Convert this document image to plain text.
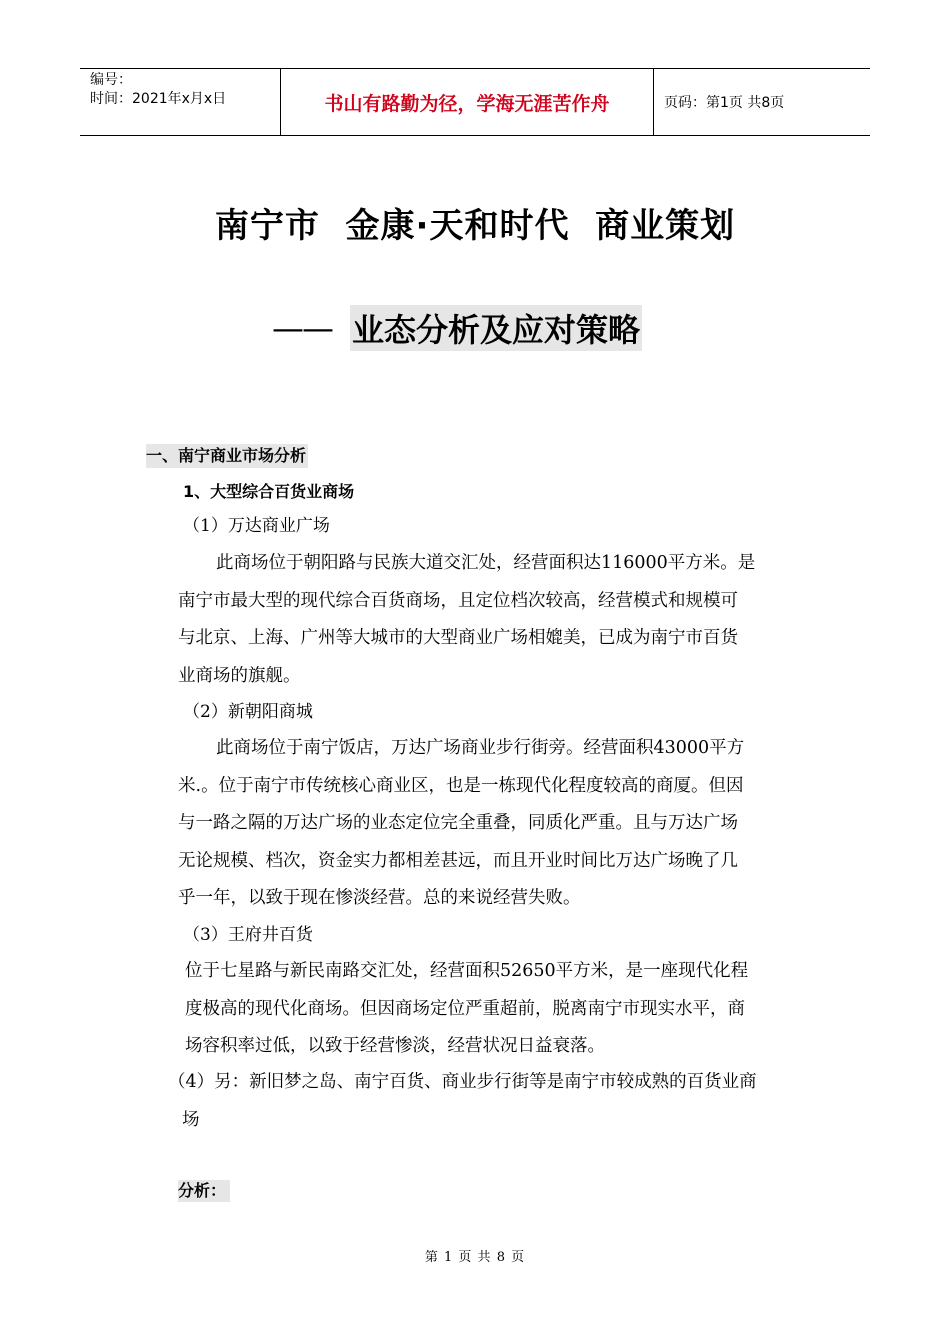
编号：
时间：2021年x月x日	书山有路勤为径，学海无涯苦作舟	页码：第1页 共8页
南宁市  金康·天和时代  商业策划
—— 业态分析及应对策略
一、南宁商业市场分析
1、大型综合百货业商场
（1）万达商业广场
此商场位于朝阳路与民族大道交汇处，经营面积达116000平方米。是
南宁市最大型的现代综合百货商场，且定位档次较高，经营模式和规模可
与北京、上海、广州等大城市的大型商业广场相媲美，已成为南宁市百货
业商场的旗舰。
（2）新朝阳商城
此商场位于南宁饭店，万达广场商业步行街旁。经营面积43000平方
米.。位于南宁市传统核心商业区，也是一栋现代化程度较高的商厦。但因
与一路之隔的万达广场的业态定位完全重叠，同质化严重。且与万达广场
无论规模、档次，资金实力都相差甚远，而且开业时间比万达广场晚了几
乎一年，以致于现在惨淡经营。总的来说经营失败。
（3）王府井百货
位于七星路与新民南路交汇处，经营面积52650平方米，是一座现代化程
度极高的现代化商场。但因商场定位严重超前，脱离南宁市现实水平，商
场容积率过低，以致于经营惨淡，经营状况日益衰落。
（4）另：新旧梦之岛、南宁百货、商业步行街等是南宁市较成熟的百货业商
场
分析：
第 1 页 共 8 页
